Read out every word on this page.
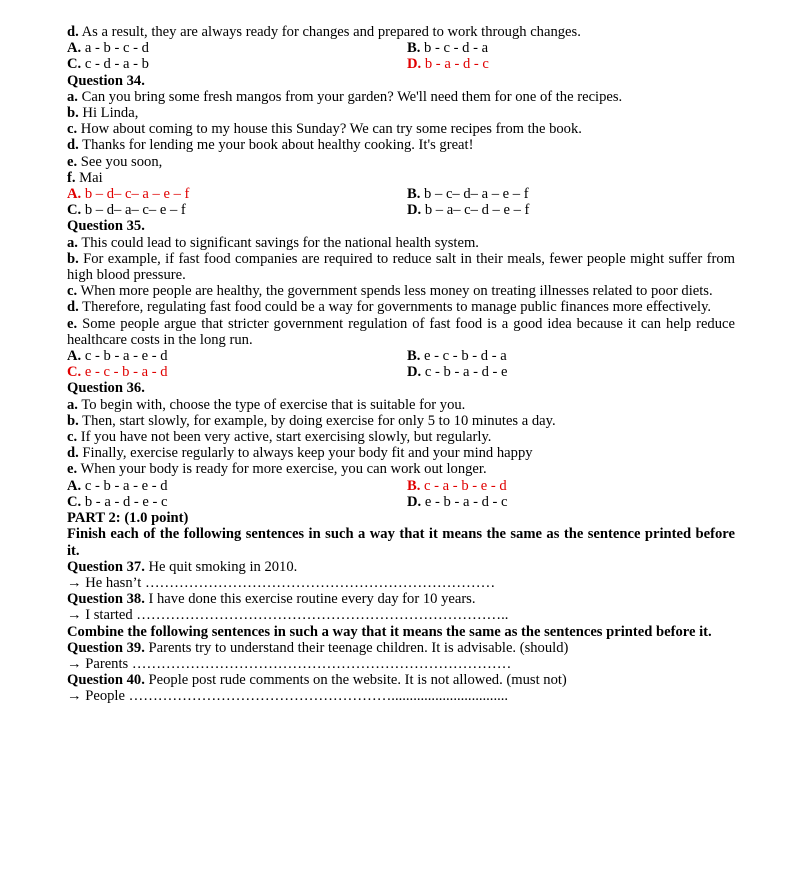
d. As a result, they are always ready for changes and prepared to work through changes.
A. a - b - c - d	B. b - c - d - a
C. c - d - a - b	D. b - a - d - c
Question 34.
a. Can you bring some fresh mangos from your garden? We'll need them for one of the recipes.
b. Hi Linda,
c. How about coming to my house this Sunday? We can try some recipes from the book.
d. Thanks for lending me your book about healthy cooking. It's great!
e. See you soon,
f. Mai
A. b – d– c– a – e – f	B. b – c– d– a – e – f
C. b – d– a– c– e – f	D. b – a– c– d – e – f
Question 35.
a. This could lead to significant savings for the national health system.
b. For example, if fast food companies are required to reduce salt in their meals, fewer people might suffer from high blood pressure.
c. When more people are healthy, the government spends less money on treating illnesses related to poor diets.
d. Therefore, regulating fast food could be a way for governments to manage public finances more effectively.
e. Some people argue that stricter government regulation of fast food is a good idea because it can help reduce healthcare costs in the long run.
A. c - b - a - e - d	B. e - c - b - d - a
C. e - c - b - a - d	D. c - b - a - d - e
Question 36.
a. To begin with, choose the type of exercise that is suitable for you.
b. Then, start slowly, for example, by doing exercise for only 5 to 10 minutes a day.
c. If you have not been very active, start exercising slowly, but regularly.
d. Finally, exercise regularly to always keep your body fit and your mind happy
e. When your body is ready for more exercise, you can work out longer.
A. c - b - a - e - d	B. c - a - b - e - d
C. b - a - d - e - c	D. e - b - a - d - c
PART 2: (1.0 point)
Finish each of the following sentences in such a way that it means the same as the sentence printed before it.
Question 37. He quit smoking in 2010.
→ He hasn’t ………………………………………………………………
Question 38. I have done this exercise routine every day for 10 years.
→ I started …………………………………………………………………..
Combine the following sentences in such a way that it means the same as the sentences printed before it.
Question 39. Parents try to understand their teenage children. It is advisable. (should)
→ Parents ……………………………………………………………………
Question 40. People post rude comments on the website. It is not allowed. (must not)
→ People ………………………………………………................................
